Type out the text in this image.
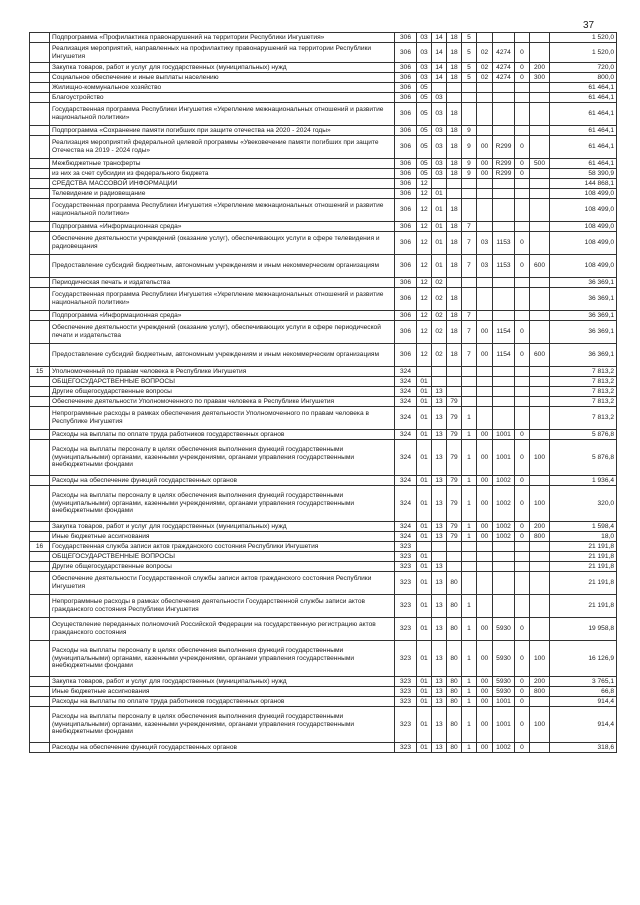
37
	Подпрограмма «Профилактика правонарушений на территории Республики Ингушетия»	306	03	14	18	5					1 520,0
	Реализация мероприятий, направленных на профилактику правонарушений на территории Республики Ингушетия	306	03	14	18	5	02	4274	0		1 520,0
	Закупка товаров, работ и услуг для государственных (муниципальных) нужд	306	03	14	18	5	02	4274	0	200	720,0
	Социальное обеспечение и иные выплаты населению	306	03	14	18	5	02	4274	0	300	800,0
	Жилищно-коммунальное хозяйство	306	05								61 464,1
	Благоустройство	306	05	03							61 464,1
	Государственная программа Республики Ингушетия «Укрепление межнациональных отношений и развитие национальной политики»	306	05	03	18						61 464,1
	Подпрограмма «Сохранение памяти погибших при защите отечества на 2020 - 2024 годы»	306	05	03	18	9					61 464,1
	Реализация мероприятий федеральной целевой программы «Увековечение памяти погибших при защите Отечества на 2019 - 2024 годы»	306	05	03	18	9	00	R299	0		61 464,1
	Межбюджетные трансферты	306	05	03	18	9	00	R299	0	500	61 464,1
	из них за счет субсидии из федерального бюджета	306	05	03	18	9	00	R299	0		58 390,9
	СРЕДСТВА МАССОВОЙ ИНФОРМАЦИИ	306	12								144 868,1
	Телевидение и радиовещание	306	12	01							108 499,0
	Государственная программа Республики Ингушетия «Укрепление межнациональных отношений и развитие национальной политики»	306	12	01	18						108 499,0
	Подпрограмма «Информационная среда»	306	12	01	18	7					108 499,0
	Обеспечение деятельности учреждений (оказание услуг), обеспечивающих услуги в сфере телевидения и радиовещания	306	12	01	18	7	03	1153	0		108 499,0
	Предоставление субсидий бюджетным, автономным учреждениям и иным некоммерческим организациям	306	12	01	18	7	03	1153	0	600	108 499,0
	Периодическая печать и издательства	306	12	02							36 369,1
	Государственная программа Республики Ингушетия «Укрепление межнациональных отношений и развитие национальной политики»	306	12	02	18						36 369,1
	Подпрограмма «Информационная среда»	306	12	02	18	7					36 369,1
	Обеспечение деятельности учреждений (оказание услуг), обеспечивающих услуги в сфере периодической печати и издательства	306	12	02	18	7	00	1154	0		36 369,1
	Предоставление субсидий бюджетным, автономным учреждениям и иным некоммерческим организациям	306	12	02	18	7	00	1154	0	600	36 369,1
15	Уполномоченный по правам человека в Республике Ингушетия	324									7 813,2
	ОБЩЕГОСУДАРСТВЕННЫЕ ВОПРОСЫ	324	01								7 813,2
	Другие общегосударственные вопросы	324	01	13							7 813,2
	Обеспечение деятельности Уполномоченного по правам человека в Республике Ингушетия	324	01	13	79						7 813,2
	Непрограммные расходы в рамках обеспечения деятельности Уполномоченного по правам человека в Республике Ингушетия	324	01	13	79	1					7 813,2
	Расходы на выплаты по оплате труда работников государственных органов	324	01	13	79	1	00	1001	0		5 876,8
	Расходы на выплаты персоналу в целях обеспечения выполнения функций государственными (муниципальными) органами, казенными учреждениями, органами управления государственными внебюджетными фондами	324	01	13	79	1	00	1001	0	100	5 876,8
	Расходы на обеспечение функций государственных органов	324	01	13	79	1	00	1002	0		1 936,4
	Расходы на выплаты персоналу в целях обеспечения выполнения функций государственными (муниципальными) органами, казенными учреждениями, органами управления государственными внебюджетными фондами	324	01	13	79	1	00	1002	0	100	320,0
	Закупка товаров, работ и услуг для государственных (муниципальных) нужд	324	01	13	79	1	00	1002	0	200	1 598,4
	Иные бюджетные ассигнования	324	01	13	79	1	00	1002	0	800	18,0
16	Государственная служба записи актов гражданского состояния Республики Ингушетия	323									21 191,8
	ОБЩЕГОСУДАРСТВЕННЫЕ ВОПРОСЫ	323	01								21 191,8
	Другие общегосударственные вопросы	323	01	13							21 191,8
	Обеспечение деятельности Государственной службы записи актов гражданского состояния Республики Ингушетия	323	01	13	80						21 191,8
	Непрограммные расходы в рамках обеспечения деятельности Государственной службы записи актов гражданского состояния Республики Ингушетия	323	01	13	80	1					21 191,8
	Осуществление переданных полномочий Российской Федерации на государственную регистрацию актов гражданского состояния	323	01	13	80	1	00	5930	0		19 958,8
	Расходы на выплаты персоналу в целях обеспечения выполнения функций государственными (муниципальными) органами, казенными учреждениями, органами управления государственными внебюджетными фондами	323	01	13	80	1	00	5930	0	100	16 126,9
	Закупка товаров, работ и услуг для государственных (муниципальных) нужд	323	01	13	80	1	00	5930	0	200	3 765,1
	Иные бюджетные ассигнования	323	01	13	80	1	00	5930	0	800	66,8
	Расходы на выплаты по оплате труда работников государственных органов	323	01	13	80	1	00	1001	0		914,4
	Расходы на выплаты персоналу в целях обеспечения выполнения функций государственными (муниципальными) органами, казенными учреждениями, органами управления государственными внебюджетными фондами	323	01	13	80	1	00	1001	0	100	914,4
	Расходы на обеспечение функций государственных органов	323	01	13	80	1	00	1002	0		318,6
